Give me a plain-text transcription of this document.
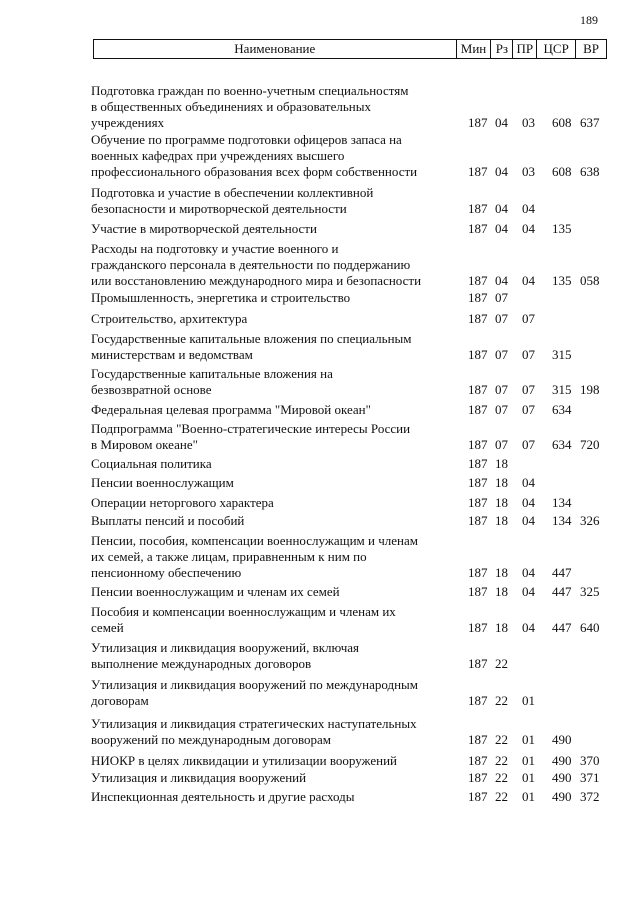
189
Наименование	Мин Рз ПР ЦСР	ВР
Подготовка граждан по военно-учетным специальностям
в общественных объединениях и образовательных
учреждениях	187 04 03 608 637
Обучение по программе подготовки офицеров запаса на
военных кафедрах при учреждениях высшего
профессионального образования всех форм собственности	187 04 03 608 638
Подготовка и участие в обеспечении коллективной
безопасности и миротворческой деятельности	187 04 04
Участие в миротворческой деятельности	187 04 04 135
Расходы на подготовку и участие военного и
гражданского персонала в деятельности по поддержанию
или восстановлению международного мира и безопасности	187 04 04 135 058
Промышленность, энергетика и строительство	187 07
Строительство, архитектура	187 07 07
Государственные капитальные вложения по специальным
министерствам и ведомствам	187 07 07 315
Государственные капитальные вложения на
безвозвратной основе	187 07 07 315 198
Федеральная целевая программа "Мировой океан"	187 07 07 634
Подпрограмма "Военно-стратегические интересы России
в Мировом океане"	187 07 07 634 720
Социальная политика	187 18
Пенсии военнослужащим	187 18 04
Операции неторгового характера	187 18 04 134
Выплаты пенсий и пособий	187 18 04 134 326
Пенсии, пособия, компенсации военнослужащим и членам
их семей, а также лицам, приравненным к ним по
пенсионному обеспечению	187 18 04 447
Пенсии военнослужащим и членам их семей	187 18 04 447 325
Пособия и компенсации военнослужащим и членам их
семей	187 18 04 447 640
Утилизация и ликвидация вооружений, включая
выполнение международных договоров	187 22
Утилизация и ликвидация вооружений по международным
договорам	187 22 01
Утилизация и ликвидация стратегических наступательных
вооружений по международным договорам	187 22 01 490
НИОКР в целях ликвидации и утилизации вооружений	187 22 01 490 370
Утилизация и ликвидация вооружений	187 22 01 490 371
Инспекционная деятельность и другие расходы	187 22 01 490 372
